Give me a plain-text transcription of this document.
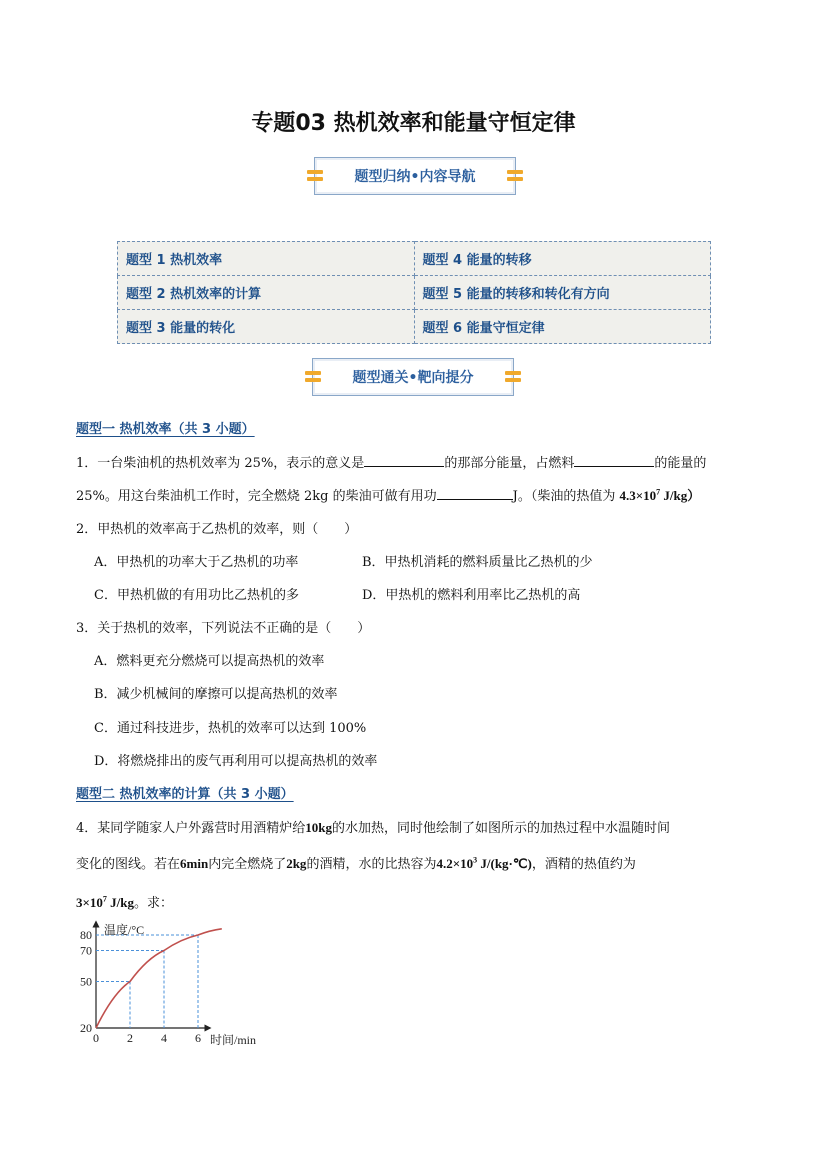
专题03 热机效率和能量守恒定律
题型归纳•内容导航
题型 1 热机效率	题型 4 能量的转移
题型 2 热机效率的计算	题型 5 能量的转移和转化有方向
题型 3 能量的转化	题型 6 能量守恒定律
题型通关•靶向提分
题型一 热机效率（共 3 小题）
1．一台柴油机的热机效率为 25%，表示的意义是	的那部分能量，占燃料	的能量的
25%。用这台柴油机工作时，完全燃烧 2kg 的柴油可做有用功	J。（柴油的热值为 $4.3\times 10^7$ J/kg）
2．甲热机的效率高于乙热机的效率，则（　　）
A．甲热机的功率大于乙热机的功率	B．甲热机消耗的燃料质量比乙热机的少
C．甲热机做的有用功比乙热机的多	D．甲热机的燃料利用率比乙热机的高
3．关于热机的效率，下列说法不正确的是（　　）
A．燃料更充分燃烧可以提高热机的效率
B．减少机械间的摩擦可以提高热机的效率
C．通过科技进步，热机的效率可以达到 100%
D．将燃烧排出的废气再利用可以提高热机的效率
题型二 热机效率的计算（共 3 小题）
4．某同学随家人户外露营时用酒精炉给10kg的水加热，同时他绘制了如图所示的加热过程中水温随时间
变化的图线。若在6min内完全燃烧了2kg的酒精，水的比热容为$4.2\times 10^3$ J/(kg·℃)，酒精的热值约为
$3\times 10^7$ J/kg。求：
20
50
70
80
0 2 4 6
温度/°C
时间/min
